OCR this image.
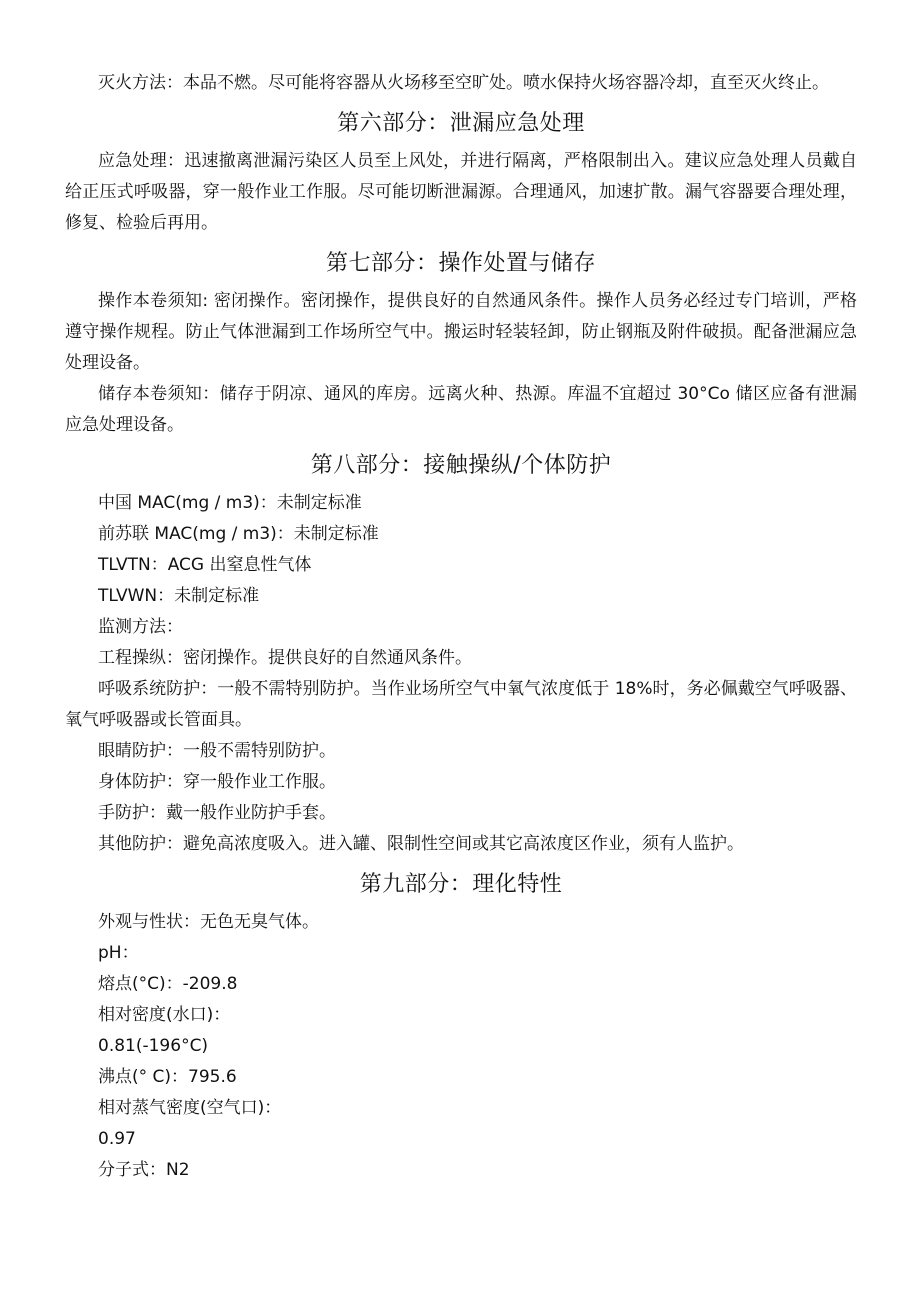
灭火方法：本品不燃。尽可能将容器从火场移至空旷处。喷水保持火场容器冷却，直至灭火终止。

第六部分：泄漏应急处理

应急处理：迅速撤离泄漏污染区人员至上风处，并进行隔离，严格限制出入。建议应急处理人员戴自给正压式呼吸器，穿一般作业工作服。尽可能切断泄漏源。合理通风，加速扩散。漏气容器要合理处理，修复、检验后再用。

第七部分：操作处置与储存

操作本卷须知: 密闭操作。密闭操作，提供良好的自然通风条件。操作人员务必经过专门培训，严格遵守操作规程。防止气体泄漏到工作场所空气中。搬运时轻装轻卸，防止钢瓶及附件破损。配备泄漏应急处理设备。

储存本卷须知：储存于阴凉、通风的库房。远离火种、热源。库温不宜超过 30°Co 储区应备有泄漏应急处理设备。

第八部分：接触操纵/个体防护

中国 MAC(mg / m3)：未制定标准

前苏联 MAC(mg / m3)：未制定标准

TLVTN：ACG 出窒息性气体

TLVWN：未制定标准

监测方法：

工程操纵：密闭操作。提供良好的自然通风条件。

呼吸系统防护：一般不需特别防护。当作业场所空气中氧气浓度低于 18%时，务必佩戴空气呼吸器、氧气呼吸器或长管面具。

眼睛防护：一般不需特别防护。

身体防护：穿一般作业工作服。

手防护：戴一般作业防护手套。

其他防护：避免高浓度吸入。进入罐、限制性空间或其它高浓度区作业，须有人监护。

第九部分：理化特性

外观与性状：无色无臭气体。

pH：

熔点(°C)：-209.8

相对密度(水口)：

0.81(-196°C)

沸点(° C)：795.6

相对蒸气密度(空气口)：

0.97

分子式：N2
